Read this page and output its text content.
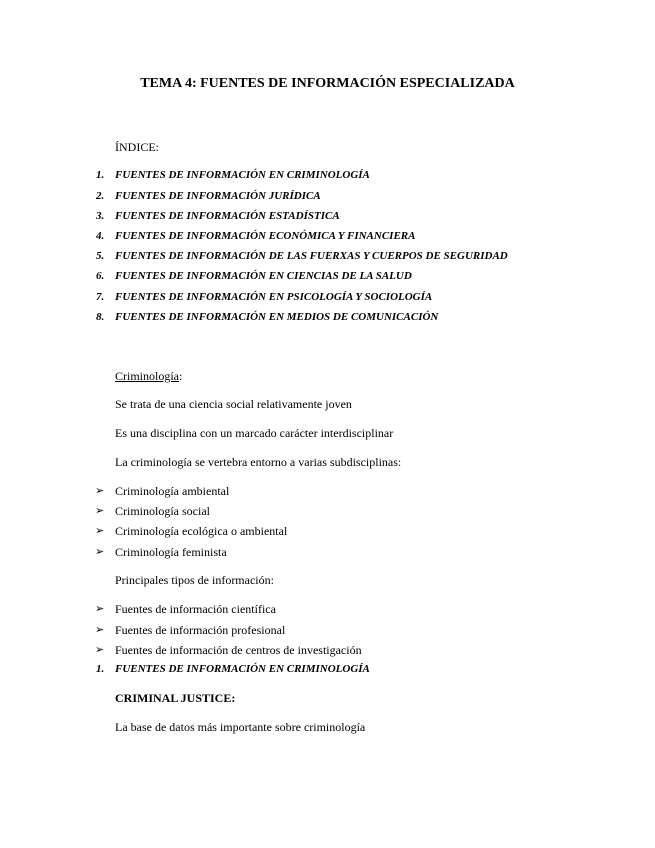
TEMA 4: FUENTES DE INFORMACIÓN ESPECIALIZADA
ÍNDICE:
1. FUENTES DE INFORMACIÓN EN CRIMINOLOGÍA
2. FUENTES DE INFORMACIÓN JURÍDICA
3. FUENTES DE INFORMACIÓN ESTADÍSTICA
4. FUENTES DE INFORMACIÓN ECONÓMICA Y FINANCIERA
5. FUENTES DE INFORMACIÓN DE LAS FUERXAS Y CUERPOS DE SEGURIDAD
6. FUENTES DE INFORMACIÓN EN CIENCIAS DE LA SALUD
7. FUENTES DE INFORMACIÓN EN PSICOLOGÍA Y SOCIOLOGÍA
8. FUENTES DE INFORMACIÓN EN MEDIOS DE COMUNICACIÓN
Criminología:
Se trata de una ciencia social relativamente joven
Es una disciplina con un marcado carácter interdisciplinar
La criminología se vertebra entorno a varias subdisciplinas:
➢ Criminología ambiental
➢ Criminología social
➢ Criminología ecológica o ambiental
➢ Criminología feminista
Principales tipos de información:
➢ Fuentes de información científica
➢ Fuentes de información profesional
➢ Fuentes de información de centros de investigación
1. FUENTES DE INFORMACIÓN EN CRIMINOLOGÍA
CRIMINAL JUSTICE:
La base de datos más importante sobre criminología
